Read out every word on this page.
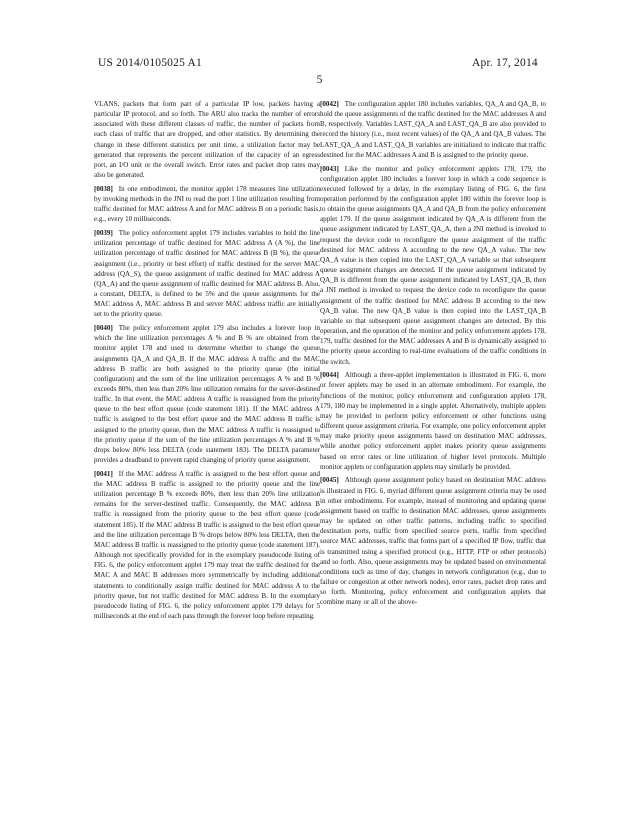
US 2014/0105025 A1	Apr. 17, 2014
5

VLANS, packets that form part of a particular IP low, packets having a particular IP protocol, and so forth. The ARU also tracks the number of errors associated with these different classes of traffic, the number of packets from each class of traffic that are dropped, and other statistics. By determining the change in these different statistics per unit time, a utilization factor may be generated that represents the percent utilization of the capacity of an egress port, an I/O unit or the overall switch. Error rates and packet drop rates may also be generated.

[0038] In one embodiment, the monitor applet 178 measures line utilization by invoking methods in the JNI to read the port 1 line utilization resulting from traffic destined for MAC address A and for MAC address B on a periodic basis, e.g., every 10 milliseconds.

[0039] The policy enforcement applet 179 includes variables to hold the line utilization percentage of traffic destined for MAC address A (A %), the line utilization percentage of traffic destined for MAC address B (B %), the queue assignment (i.e., priority or best effort) of traffic destined for the server MAC address (QA_S), the queue assignment of traffic destined for MAC address A (QA_A) and the queue assignment of traffic destined for MAC address B. Also, a constant, DELTA, is defined to be 5% and the queue assignments for the MAC address A, MAC address B and server MAC address traffic are initially set to the priority queue.

[0040] The policy enforcement applet 179 also includes a forever loop in which the line utilization percentages A % and B % are obtained from the monitor applet 178 and used to determine whether to change the queue assignments QA_A and QA_B. If the MAC address A traffic and the MAC address B traffic are both assigned to the priority queue (the initial configuration) and the sum of the line utilization percentages A % and B % exceeds 80%, then less than 20% line utilization remains for the saver-destined traffic. In that event, the MAC address A traffic is reassigned from the priority queue to the best effort queue (code statement 181). If the MAC address A traffic is assigned to the best effort queue and the MAC address B traffic is assigned to the priority queue, then the MAC address A traffic is reassigned to the priority queue if the sum of the line utilization percentages A % and B % drops below 80% less DELTA (code statement 183). The DELTA parameter provides a deadband to prevent rapid changing of priority queue assignment.

[0041] If the MAC address A traffic is assigned to the best effort queue and the MAC address B traffic is assigned to the priority queue and the line utilization percentage B % exceeds 80%, then less than 20% line utilization remains for the server-destined traffic. Consequently, the MAC address B traffic is reassigned from the priority queue to the best effort queue (code statement 185). If the MAC address B traffic is assigned to the best effort queue and the line utilization percentage B % drops below 80% less DELTA, then the MAC address B traffic is reassigned to the priority queue (code statement 187). Although not specifically provided for in the exemplary pseudocode listing of FIG. 6, the policy enforcement applet 179 may treat the traffic destined for the MAC A and MAC B addresses more symmetrically by including additional statements to conditionally assign traffic destined for MAC address A to the priority queue, but not traffic destined for MAC address B. In the exemplary pseudocode listing of FIG. 6, the policy enforcement applet 179 delays for 5 milliseconds at the end of each pass through the forever loop before repeating.

[0042] The configuration applet 180 includes variables, QA_A and QA_B, to hold the queue assignments of the traffic destined for the MAC addresses A and B, respectively. Variables LAST_QA_A and LAST_QA_B are also provided to record the history (i.e., most recent values) of the QA_A and QA_B values. The LAST_QA_A and LAST_QA_B variables are initialized to indicate that traffic destined for the MAC addresses A and B is assigned to the priority queue.

[0043] Like the monitor and policy enforcement applets 178, 179, the configuration applet 180 includes a forever loop in which a code sequence is executed followed by a delay, in the exemplary listing of FIG. 6, the first operation performed by the configuration applet 180 within the forever loop is to obtain the queue assignments QA_A and QA_B from the policy enforcement applet 179. If the queue assignment indicated by QA_A is different from the queue assignment indicated by LAST_QA_A, then a JNI method is invoked to request the device code to reconfigure the queue assignment of the traffic destined for MAC address A according to the new QA_A value. The new QA_A value is then copied into the LAST_QA_A variable so that subsequent queue assignment changes are detected. If the queue assignment indicated by QA_B is different from the queue assignment indicated by LAST_QA_B, then a JNI method is invoked to request the device code to reconfigure the queue assignment of the traffic destined for MAC address B according to the new QA_B value. The new QA_B value is then copied into the LAST_QA_B variable so that subsequent queue assignment changes are detected. By this operation, and the operation of the monitor and policy enforcement applets 178, 179, traffic destined for the MAC addresses A and B is dynamically assigned to the priority queue according to real-time evaluations of the traffic conditions in the switch.

[0044] Although a three-applet implementation is illustrated in FIG. 6, more or fewer applets may be used in an alternate embodiment. For example, the functions of the monitor, policy enforcement and configuration applets 178, 179, 180 may be implemented in a single applet. Alternatively, multiple applets may be provided to perform policy enforcement or other functions using different queue assignment criteria. For example, one policy enforcement applet may make priority queue assignments based on destination MAC addresses, while another policy enforcement applet makes priority queue assignments based on error rates or line utilization of higher level protocols. Multiple monitor applets or configuration applets may similarly be provided.

[0045] Although queue assignment policy based on destination MAC address is illustrated in FIG. 6, myriad different queue assignment criteria may be used in other embodiments. For example, instead of monitoring and updating queue assignment based on traffic to destination MAC addresses, queue assignments may be updated on other traffic patterns, including traffic to specified destination ports, traffic from specified source ports, traffic from specified source MAC addresses, traffic that forms part of a specified IP flow, traffic that is transmitted using a specified protocol (e.g., HTTP, FTP or other protocols) and so forth. Also, queue assignments may be updated based on environmental conditions such as time of day, changes in network configuration (e.g., due to failure or congestion at other network nodes), error rates, packet drop rates and so forth. Monitoring, policy enforcement and configuration applets that combine many or all of the above-
